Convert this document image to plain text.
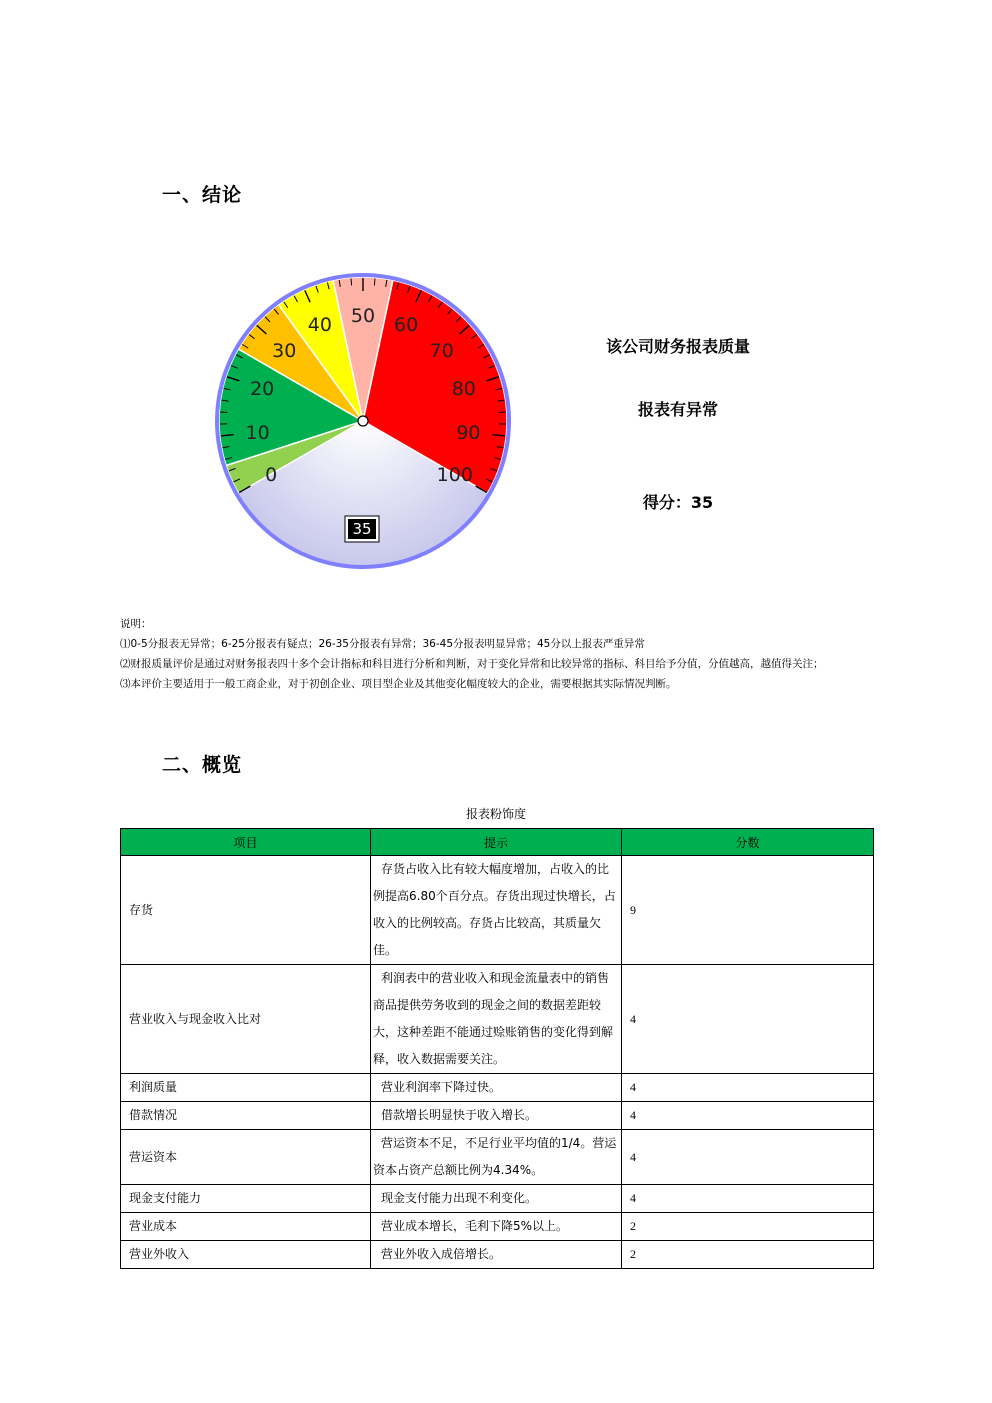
一、结论
0
10
20
30
40 50 60
70
80
90
100
35
该公司财务报表质量
报表有异常
得分：35
说明：
⑴0-5分报表无异常；6-25分报表有疑点；26-35分报表有异常；36-45分报表明显异常；45分以上报表严重异常
⑵财报质量评价是通过对财务报表四十多个会计指标和科目进行分析和判断，对于变化异常和比较异常的指标、科目给予分值，分值越高，越值得关注；
⑶本评价主要适用于一般工商企业，对于初创企业、项目型企业及其他变化幅度较大的企业，需要根据其实际情况判断。
二、概览
报表粉饰度
项目	提示	分数
存货	存货占收入比有较大幅度增加，占收入的比例提高6.80个百分点。存货出现过快增长，占收入的比例较高。存货占比较高，其质量欠佳。	9
营业收入与现金收入比对	利润表中的营业收入和现金流量表中的销售商品提供劳务收到的现金之间的数据差距较大，这种差距不能通过赊账销售的变化得到解释，收入数据需要关注。	4
利润质量	营业利润率下降过快。	4
借款情况	借款增长明显快于收入增长。	4
营运资本	营运资本不足，不足行业平均值的1/4。营运资本占资产总额比例为4.34%。	4
现金支付能力	现金支付能力出现不利变化。	4
营业成本	营业成本增长，毛利下降5%以上。	2
营业外收入	营业外收入成倍增长。	2
